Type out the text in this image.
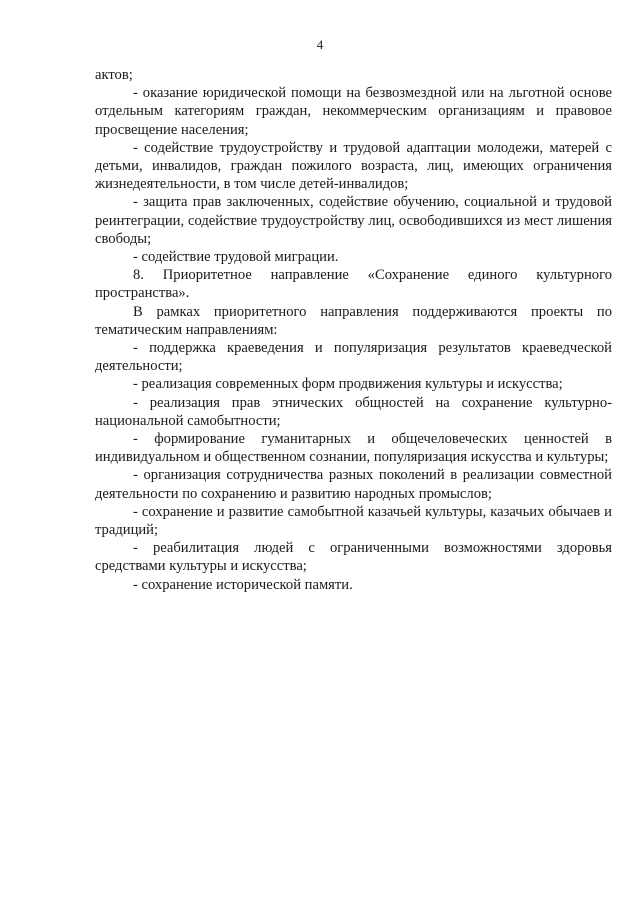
4

актов;

- оказание юридической помощи на безвозмездной или на льготной основе отдельным категориям граждан, некоммерческим организациям и правовое просвещение населения;

- содействие трудоустройству и трудовой адаптации молодежи, матерей с детьми, инвалидов, граждан пожилого возраста, лиц, имеющих ограничения жизнедеятельности, в том числе детей-инвалидов;

- защита прав заключенных, содействие обучению, социальной и трудовой реинтеграции, содействие трудоустройству лиц, освободившихся из мест лишения свободы;

- содействие трудовой миграции.

8. Приоритетное направление «Сохранение единого культурного пространства».

В рамках приоритетного направления поддерживаются проекты по тематическим направлениям:

- поддержка краеведения и популяризация результатов краеведческой деятельности;

- реализация современных форм продвижения культуры и искусства;

- реализация прав этнических общностей на сохранение культурно-национальной самобытности;

- формирование гуманитарных и общечеловеческих ценностей в индивидуальном и общественном сознании, популяризация искусства и культуры;

- организация сотрудничества разных поколений в реализации совместной деятельности по сохранению и развитию народных промыслов;

- сохранение и развитие самобытной казачьей культуры, казачьих обычаев и традиций;

- реабилитация людей с ограниченными возможностями здоровья средствами культуры и искусства;

- сохранение исторической памяти.
